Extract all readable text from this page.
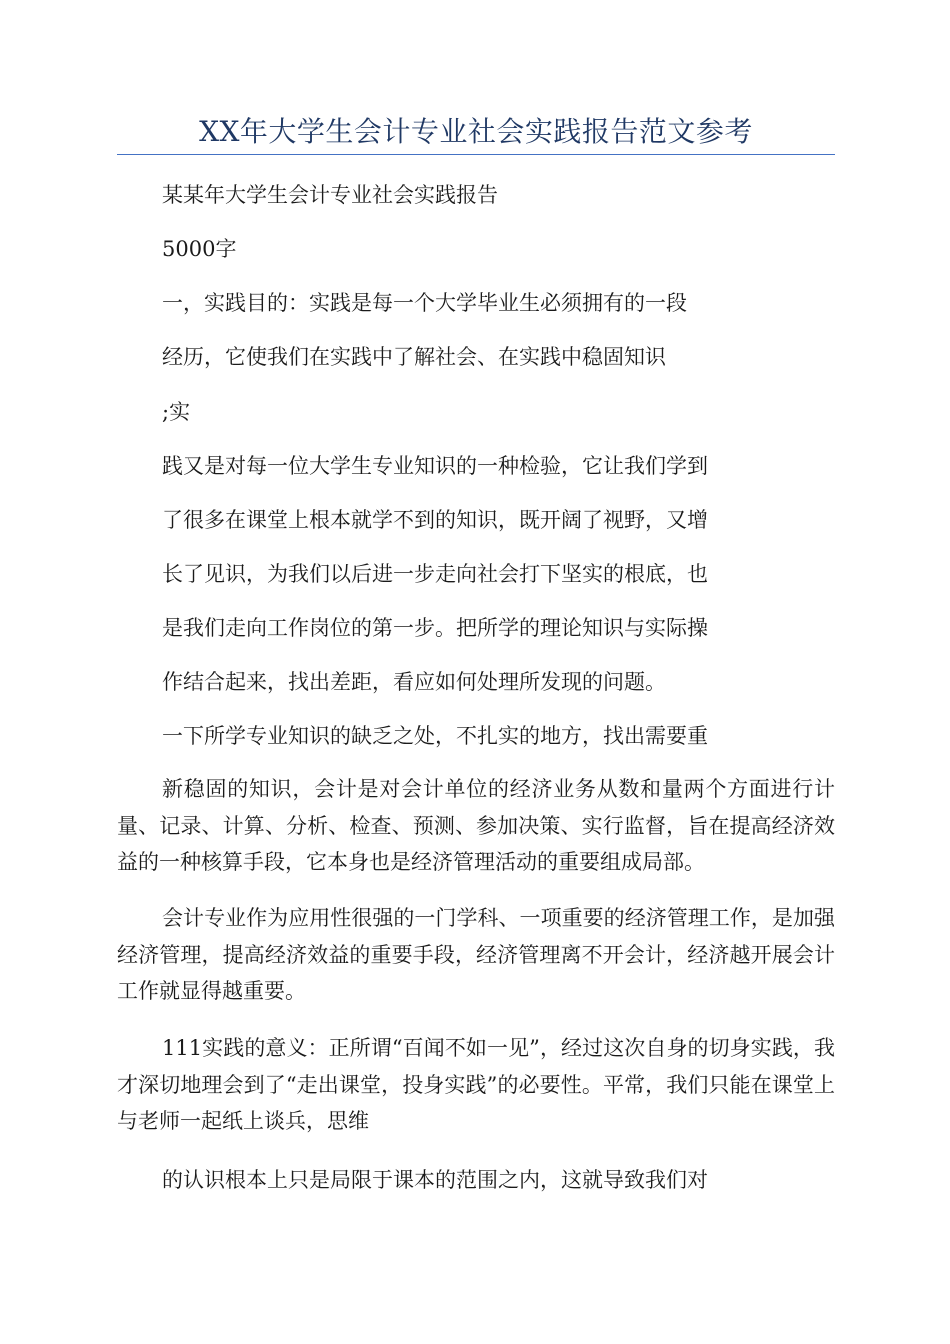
XX年大学生会计专业社会实践报告范文参考
某某年大学生会计专业社会实践报告
5000字
一，实践目的：实践是每一个大学毕业生必须拥有的一段
经历，它使我们在实践中了解社会、在实践中稳固知识
;实
践又是对每一位大学生专业知识的一种检验，它让我们学到
了很多在课堂上根本就学不到的知识，既开阔了视野，又增
长了见识，为我们以后进一步走向社会打下坚实的根底，也
是我们走向工作岗位的第一步。把所学的理论知识与实际操
作结合起来，找出差距，看应如何处理所发现的问题。
一下所学专业知识的缺乏之处，不扎实的地方，找出需要重

新稳固的知识，会计是对会计单位的经济业务从数和量两个方面进行计量、记录、计算、分析、检查、预测、参加决策、实行监督，旨在提高经济效益的一种核算手段，它本身也是经济管理活动的重要组成局部。

会计专业作为应用性很强的一门学科、一项重要的经济管理工作，是加强经济管理，提高经济效益的重要手段，经济管理离不开会计，经济越开展会计工作就显得越重要。

111实践的意义：正所谓“百闻不如一见”，经过这次自身的切身实践，我才深切地理会到了“走出课堂，投身实践”的必要性。平常，我们只能在课堂上与老师一起纸上谈兵，思维

的认识根本上只是局限于课本的范围之内，这就导致我们对
